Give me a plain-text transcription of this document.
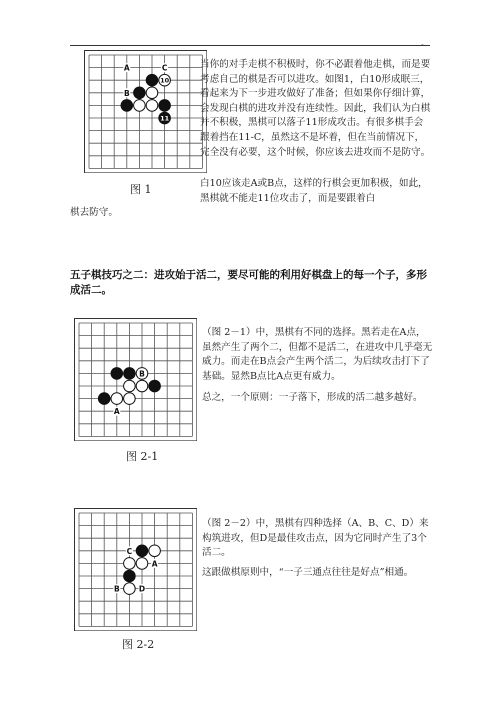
-
10
11
A	C
B
图 1

当你的对手走棋不积极时，你不必跟着他走棋，而是要考虑自己的棋是否可以进攻。如图1，白10形成眠三，看起来为下一步进攻做好了准备；但如果你仔细计算，会发现白棋的进攻并没有连续性。因此，我们认为白棋并不积极，黑棋可以落子11形成攻击。有很多棋手会跟着挡在11-C，虽然这不是坏着，但在当前情况下，完全没有必要，这个时候，你应该去进攻而不是防守。

白10应该走A或B点，这样的行棋会更加积极，如此，黑棋就不能走11位攻击了，而是要跟着白

棋去防守。

五子棋技巧之二：进攻始于活二，要尽可能的利用好棋盘上的每一个子，多形成活二。

B
A
图 2-1

（图 2－1）中，黑棋有不同的选择。黑若走在A点，虽然产生了两个二，但都不是活二，在进攻中几乎毫无威力。而走在B点会产生两个活二，为后续攻击打下了基础。显然B点比A点更有威力。

总之，一个原则：一子落下，形成的活二越多越好。

C
A
B	D
图 2-2

（图 2－2）中，黑棋有四种选择（A、B、C、D）来构筑进攻，但D是最佳攻击点，因为它同时产生了3个活二。

这跟做棋原则中，“一子三通点往往是好点”相通。
